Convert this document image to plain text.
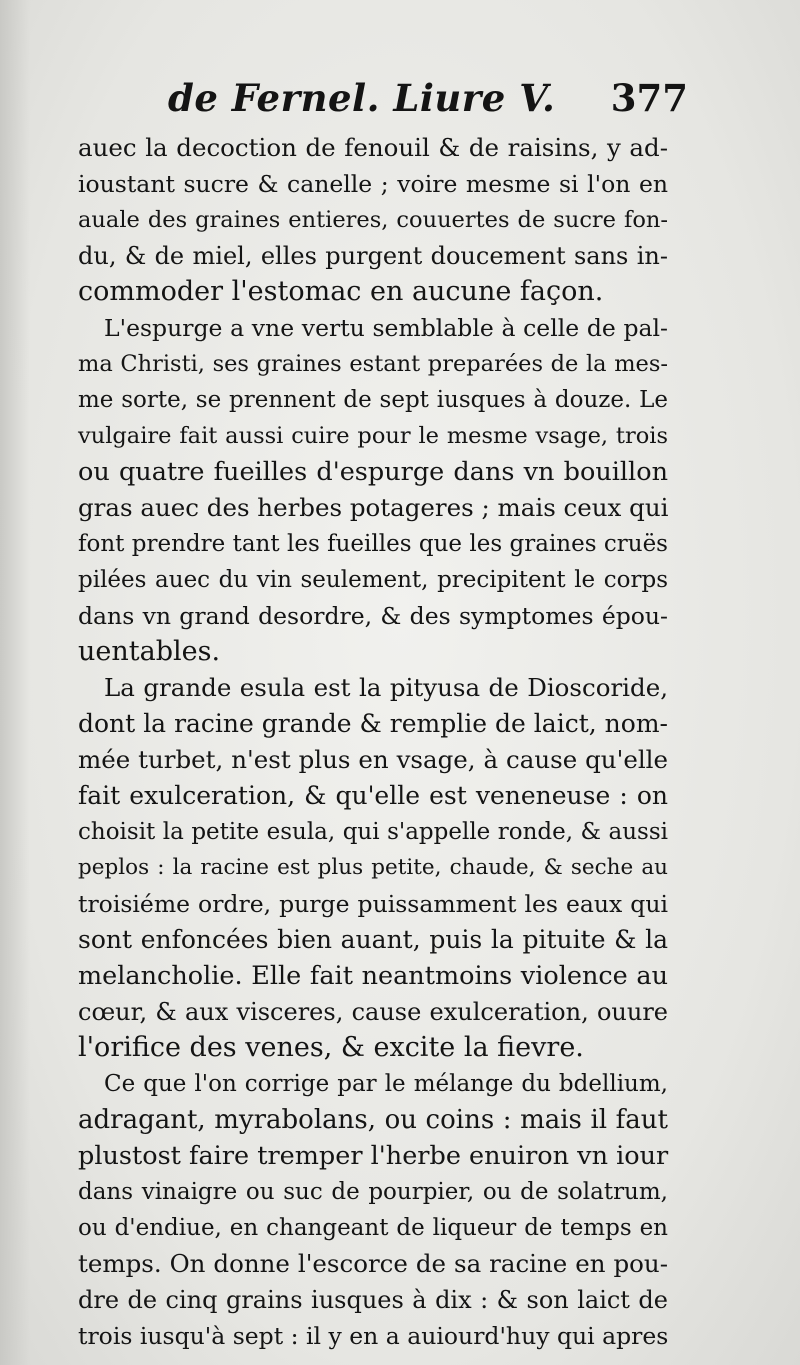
de Fernel. Liure V. 377
auec la decoction de fenouil & de raisins, y ad-
ioustant sucre & canelle ; voire mesme si l'on en
auale des graines entieres, couuertes de sucre fon-
du, & de miel, elles purgent doucement sans in-
commoder l'estomac en aucune façon.
L'espurge a vne vertu semblable à celle de pal-
ma Christi, ses graines estant preparées de la mes-
me sorte, se prennent de sept iusques à douze. Le
vulgaire fait aussi cuire pour le mesme vsage, trois
ou quatre fueilles d'espurge dans vn bouillon
gras auec des herbes potageres ; mais ceux qui
font prendre tant les fueilles que les graines cruës
pilées auec du vin seulement, precipitent le corps
dans vn grand desordre, & des symptomes épou-
uentables.
La grande esula est la pityusa de Dioscoride,
dont la racine grande & remplie de laict, nom-
mée turbet, n'est plus en vsage, à cause qu'elle
fait exulceration, & qu'elle est veneneuse : on
choisit la petite esula, qui s'appelle ronde, & aussi
peplos : la racine est plus petite, chaude, & seche au
troisiéme ordre, purge puissamment les eaux qui
sont enfoncées bien auant, puis la pituite & la
melancholie. Elle fait neantmoins violence au
cœur, & aux visceres, cause exulceration, ouure
l'orifice des venes, & excite la fievre.
Ce que l'on corrige par le mélange du bdellium,
adragant, myrabolans, ou coins : mais il faut
plustost faire tremper l'herbe enuiron vn iour
dans vinaigre ou suc de pourpier, ou de solatrum,
ou d'endiue, en changeant de liqueur de temps en
temps. On donne l'escorce de sa racine en pou-
dre de cinq grains iusques à dix : & son laict de
trois iusqu'à sept : il y en a auiourd'huy qui apres
